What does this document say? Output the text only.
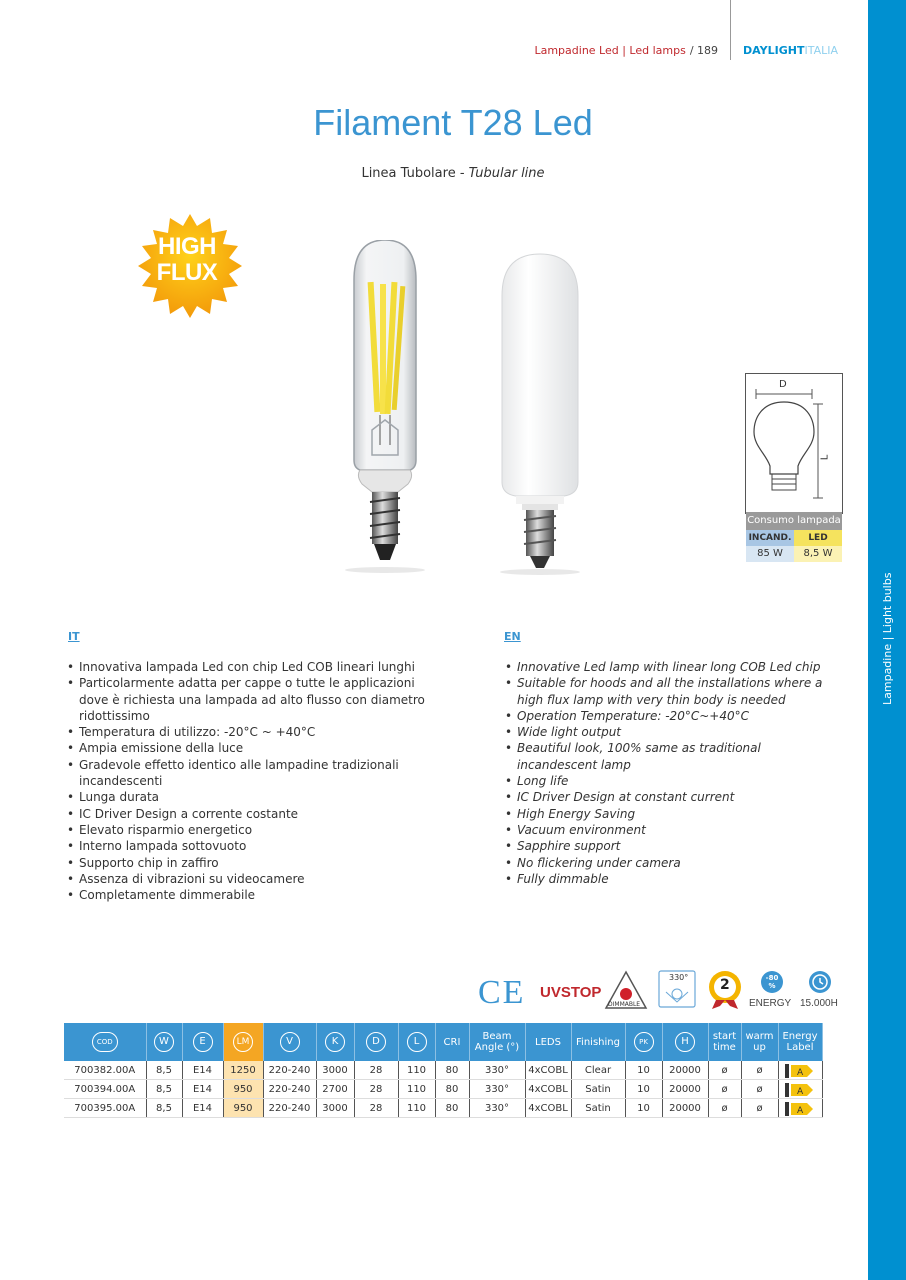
Lampadine | Light bulbs
Lampadine Led | Led lamps / 189 DAYLIGHT ITALIA
Filament T28 Led
Linea Tubolare - Tubular line
HIGH
FLUX
D
L
Consumo lampada
INCAND.	LED
85 W	8,5 W
IT
• Innovativa lampada Led con chip Led COB lineari lunghi
• Particolarmente adatta per cappe o tutte le applicazioni dove è richiesta una lampada ad alto flusso con diametro ridottissimo
• Temperatura di utilizzo: -20°C ~ +40°C
• Ampia emissione della luce
• Gradevole effetto identico alle lampadine tradizionali incandescenti
• Lunga durata
• IC Driver Design a corrente costante
• Elevato risparmio energetico
• Interno lampada sottovuoto
• Supporto chip in zaffiro
• Assenza di vibrazioni su videocamere
• Completamente dimmerabile
EN
• Innovative Led lamp with linear long COB Led chip
• Suitable for hoods and all the installations where a high flux lamp with very thin body is needed
• Operation Temperature: -20°C~+40°C
• Wide light output
• Beautiful look, 100% same as traditional incandescent lamp
• Long life
• IC Driver Design at constant current
• High Energy Saving
• Vacuum environment
• Sapphire support
• No flickering under camera
• Fully dimmable
CE UVSTOP
DIMMABLE
330° 2	-80 %
ENERGY 15.000H
COD	W	E	LM	V	K	D	L	CRI	Beam Angle (°)	LEDS	Finishing	PK	H	start time	warm up	Energy Label
700382.00A	8,5	E14	1250	220-240	3000	28	110	80	330°	4xCOBL	Clear	10	20000	ø	ø	A

700394.00A	8,5	E14	950	220-240	2700	28	110	80	330°	4xCOBL	Satin	10	20000	ø	ø	A

700395.00A	8,5	E14	950	220-240	3000	28	110	80	330°	4xCOBL	Satin	10	20000	ø	ø	A
